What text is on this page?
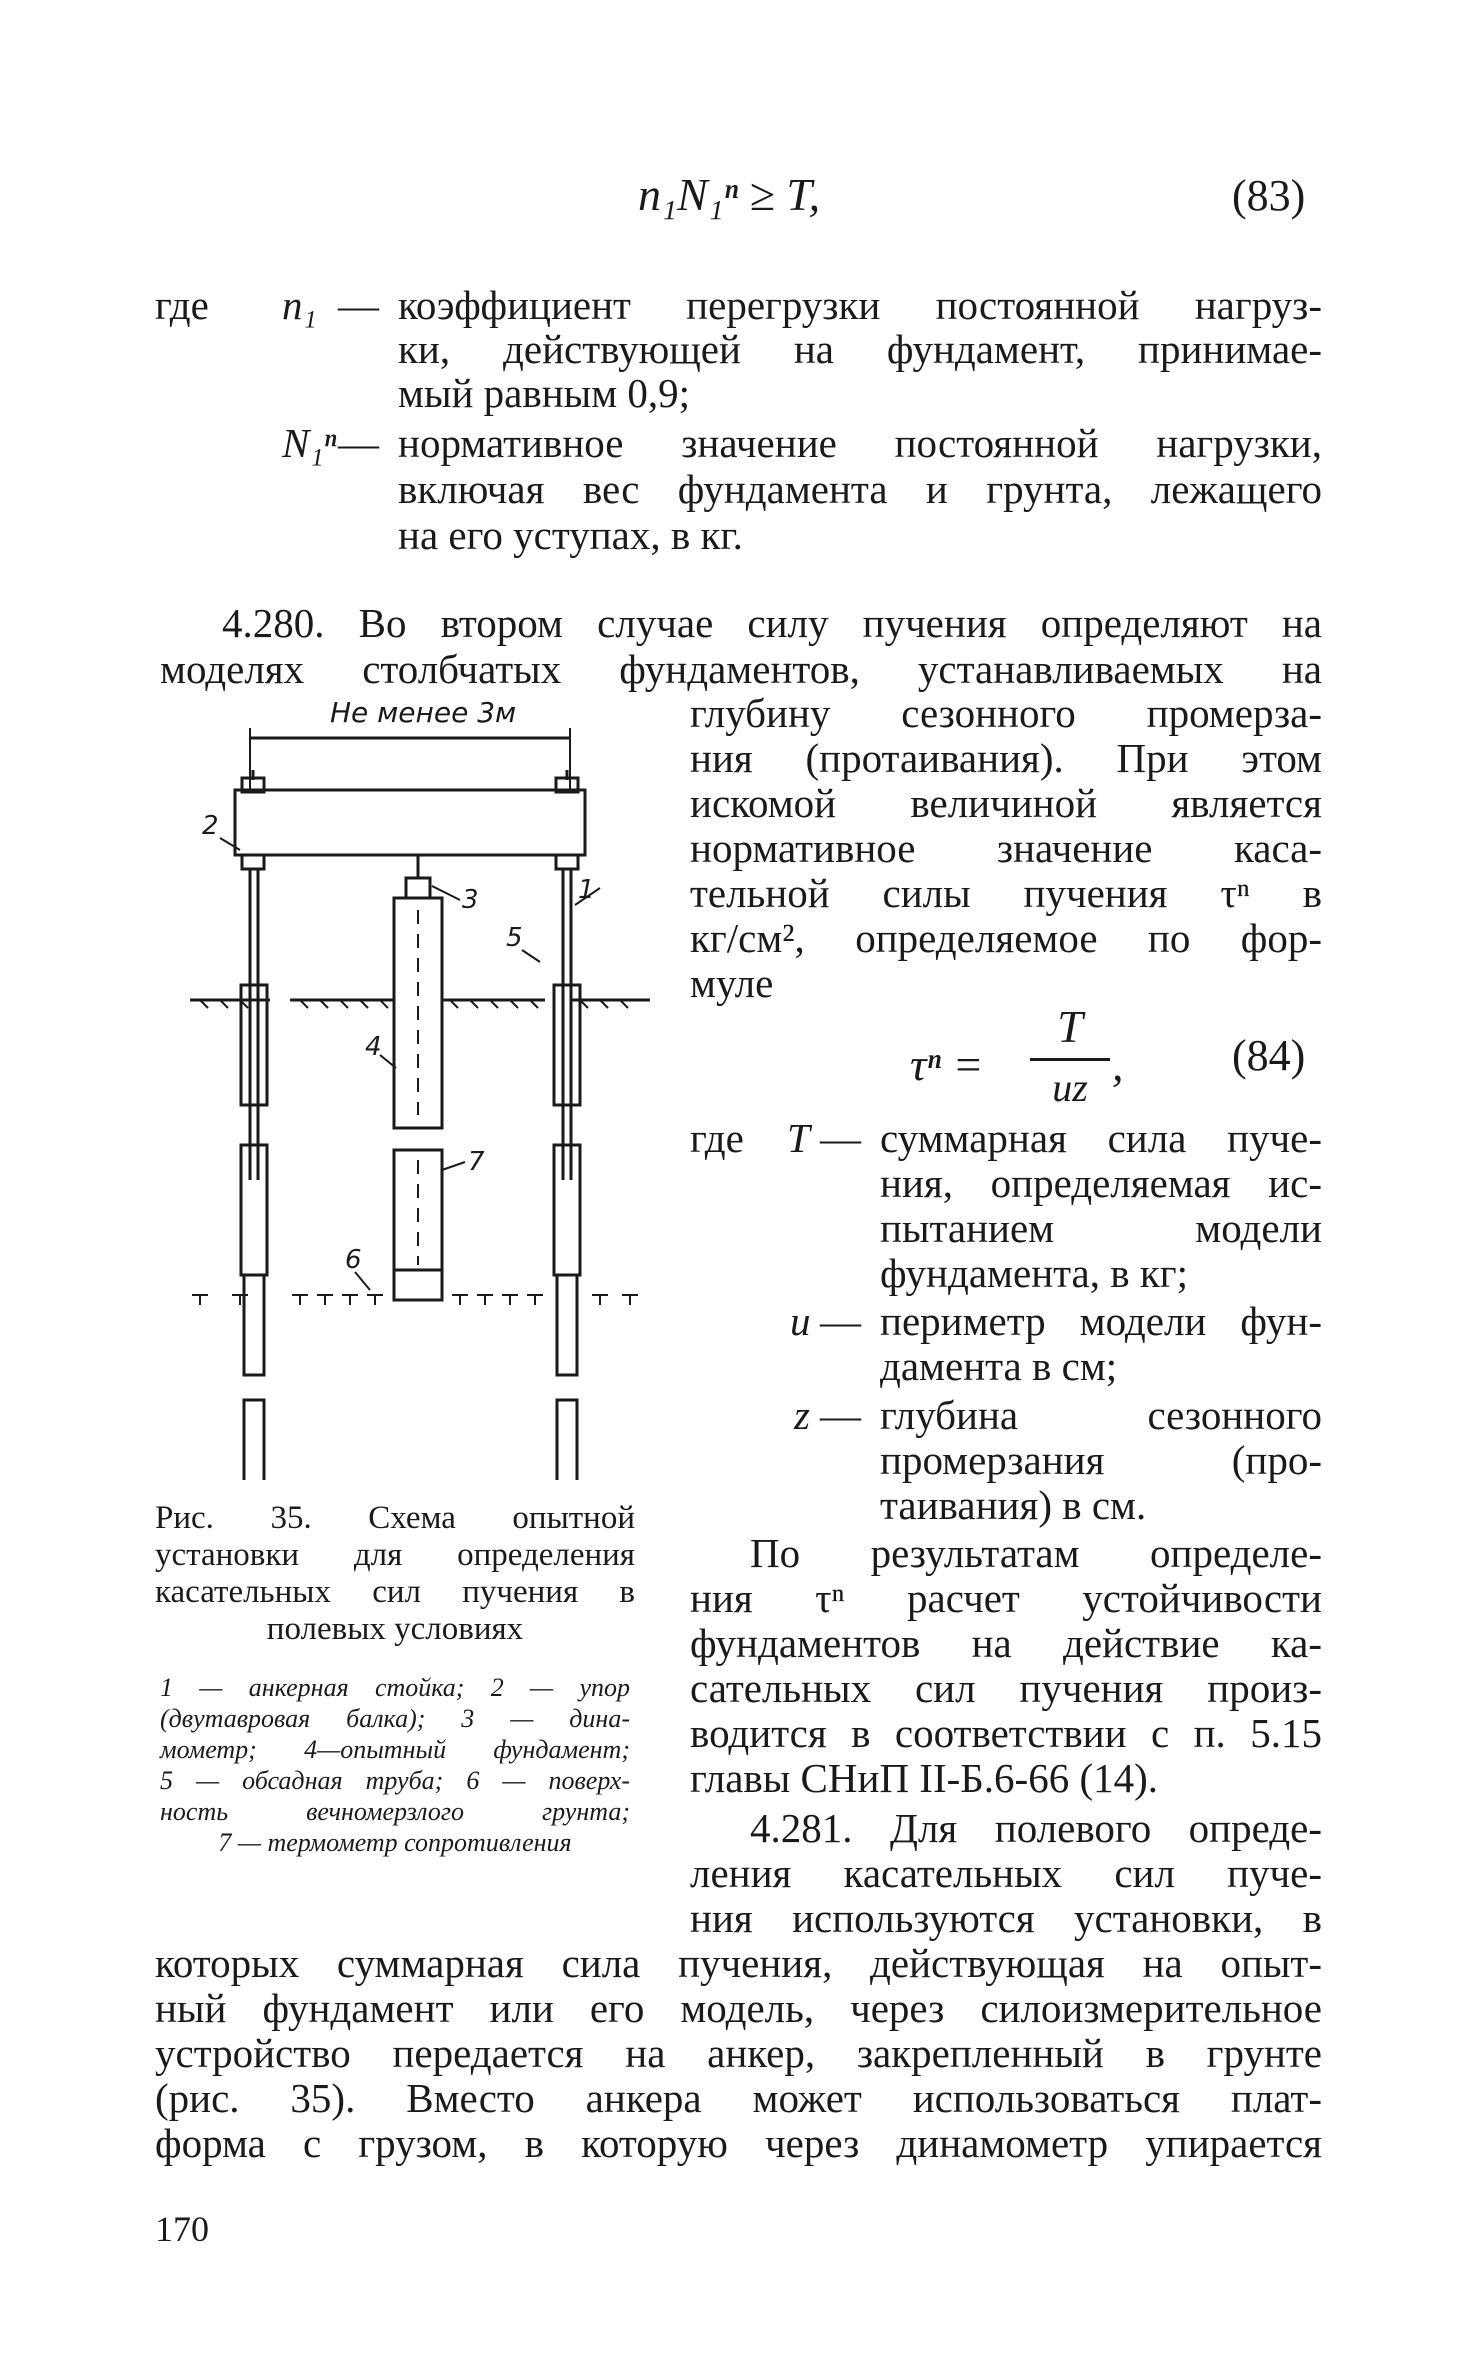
n₁N₁ⁿ ≥ T,	(83)
где n₁ — коэффициент перегрузки постоянной нагруз-
ки, действующей на фундамент, принимае-
мый равным 0,9;
N₁ⁿ — нормативное значение постоянной нагрузки,
включая вес фундамента и грунта, лежащего
на его уступах, в кг.
4.280. Во втором случае силу пучения определяют на
моделях столбчатых фундаментов, устанавливаемых на
глубину сезонного промерза-
ния (протаивания). При этом
искомой величиной является
нормативное значение каса-
тельной силы пучения τⁿ в
кг/см², определяемое по фор-
муле
τⁿ =
T
uz , (84)
где T — суммарная сила пуче-
ния, определяемая ис-
пытанием модели
фундамента, в кг;
u — периметр модели фун-
дамента в см;
z — глубина сезонного
промерзания (про-
таивания) в см.
По результатам определе-
ния τⁿ расчет устойчивости
фундаментов на действие ка-
сательных сил пучения произ-
водится в соответствии с п. 5.15
главы СНиП II-Б.6-66 (14).
4.281. Для полевого опреде-
ления касательных сил пуче-
ния используются установки, в
которых суммарная сила пучения, действующая на опыт-
ный фундамент или его модель, через силоизмерительное
устройство передается на анкер, закрепленный в грунте
(рис. 35). Вместо анкера может использоваться плат-
форма с грузом, в которую через динамометр упирается
Не менее 3м
1
2
3
4
5
6
7
Рис. 35. Схема опытной
установки для определения
касательных сил пучения в
полевых условиях
1 — анкерная стойка; 2 — упор
(двутавровая балка); 3 — дина-
мометр; 4—опытный фундамент;
5 — обсадная труба; 6 — поверх-
ность вечномерзлого грунта;
7 — термометр сопротивления
170
